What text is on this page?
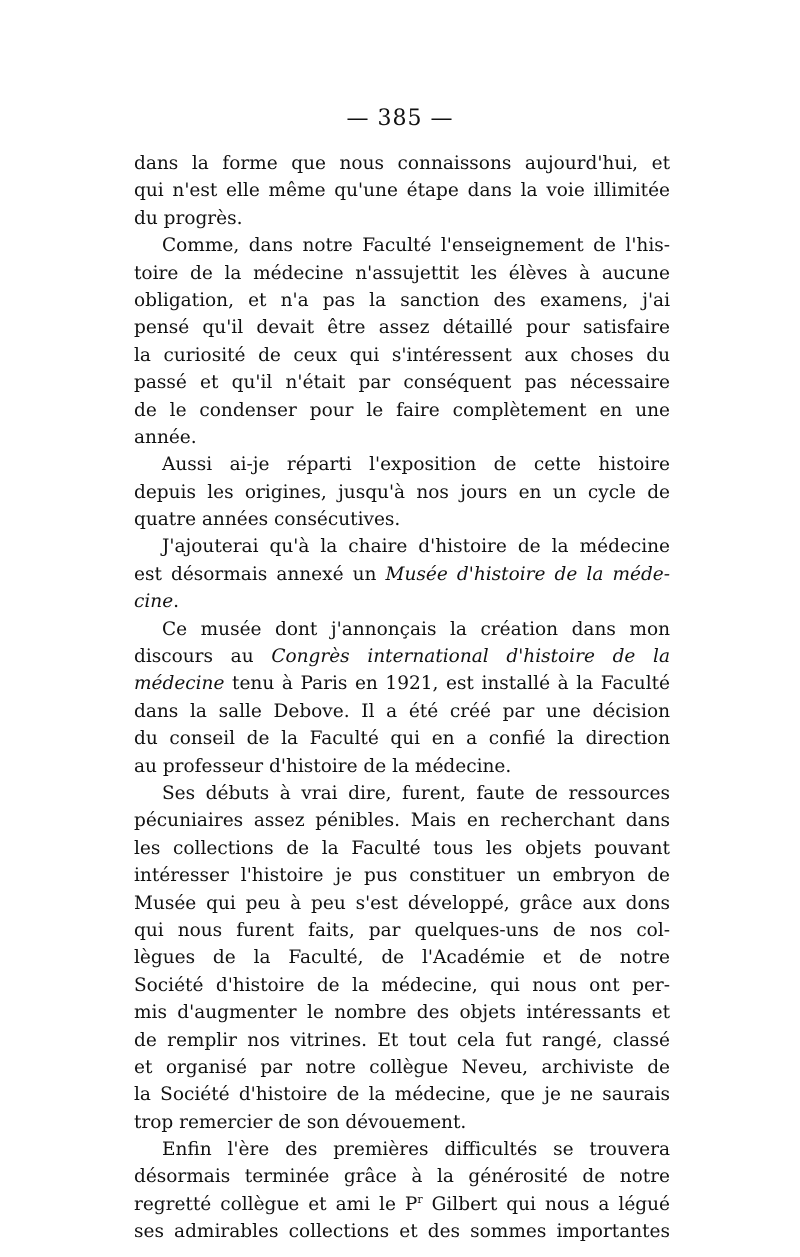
— 385 —
dans la forme que nous connaissons aujourd'hui, et
qui n'est elle même qu'une étape dans la voie illimitée
du progrès.
Comme, dans notre Faculté l'enseignement de l'his-
toire de la médecine n'assujettit les élèves à aucune
obligation, et n'a pas la sanction des examens, j'ai
pensé qu'il devait être assez détaillé pour satisfaire
la curiosité de ceux qui s'intéressent aux choses du
passé et qu'il n'était par conséquent pas nécessaire
de le condenser pour le faire complètement en une
année.
Aussi ai-je réparti l'exposition de cette histoire
depuis les origines, jusqu'à nos jours en un cycle de
quatre années consécutives.
J'ajouterai qu'à la chaire d'histoire de la médecine
est désormais annexé un Musée d'histoire de la méde-
cine.
Ce musée dont j'annonçais la création dans mon
discours au Congrès international d'histoire de la
médecine tenu à Paris en 1921, est installé à la Faculté
dans la salle Debove. Il a été créé par une décision
du conseil de la Faculté qui en a confié la direction
au professeur d'histoire de la médecine.
Ses débuts à vrai dire, furent, faute de ressources
pécuniaires assez pénibles. Mais en recherchant dans
les collections de la Faculté tous les objets pouvant
intéresser l'histoire je pus constituer un embryon de
Musée qui peu à peu s'est développé, grâce aux dons
qui nous furent faits, par quelques-uns de nos col-
lègues de la Faculté, de l'Académie et de notre
Société d'histoire de la médecine, qui nous ont per-
mis d'augmenter le nombre des objets intéressants et
de remplir nos vitrines. Et tout cela fut rangé, classé
et organisé par notre collègue Neveu, archiviste de
la Société d'histoire de la médecine, que je ne saurais
trop remercier de son dévouement.
Enfin l'ère des premières difficultés se trouvera
désormais terminée grâce à la générosité de notre
regretté collègue et ami le $P^r$ Gilbert qui nous a légué
ses admirables collections et des sommes importantes
